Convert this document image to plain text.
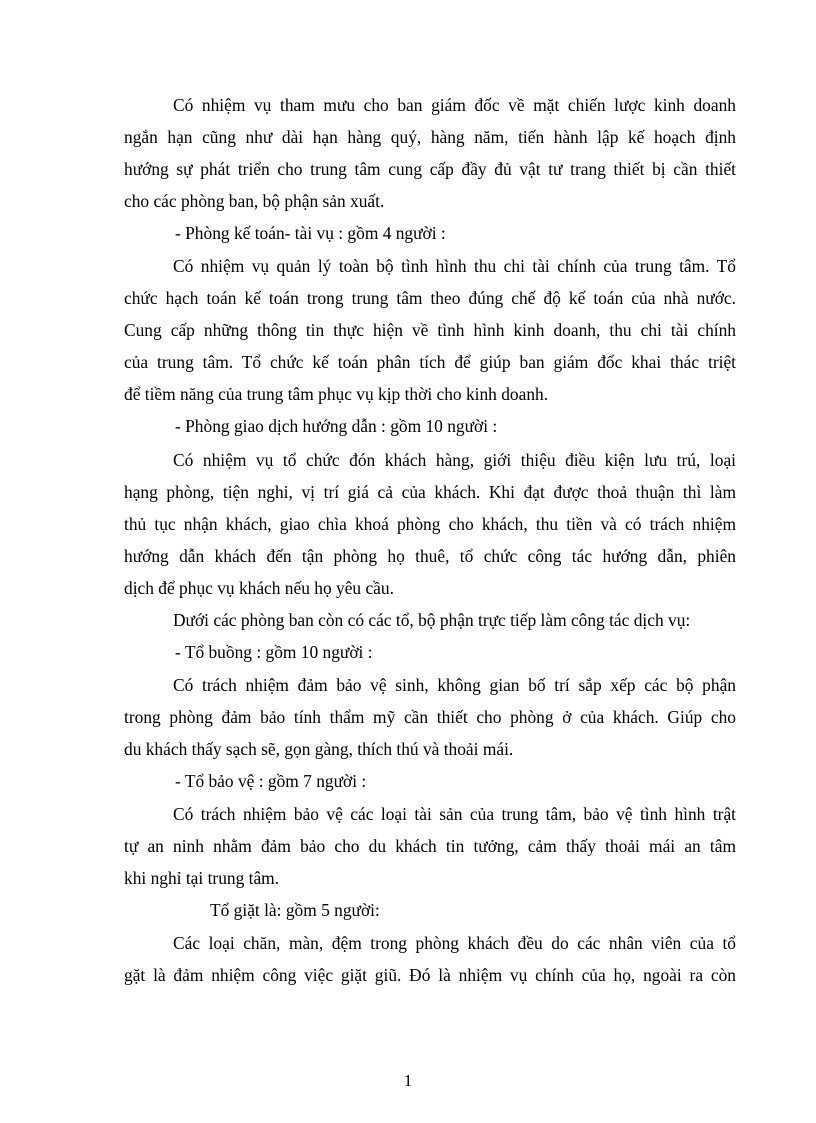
Có nhiệm vụ tham mưu cho ban giám đốc về mặt chiến lược kinh doanh
ngắn hạn cũng như dài hạn hàng quý, hàng năm, tiến hành lập kế hoạch định
hướng sự phát triển cho trung tâm cung cấp đầy đủ vật tư trang thiết bị cần thiết
cho các phòng ban, bộ phận sản xuất.
- Phòng kế toán- tài vụ : gồm 4 người :
Có nhiệm vụ quản lý toàn bộ tình hình thu chi tài chính của trung tâm. Tổ
chức hạch toán kế toán trong trung tâm theo đúng chế độ kế toán của nhà nước.
Cung cấp những thông tin thực hiện về tình hình kinh doanh, thu chi tài chính
của trung tâm. Tổ chức kế toán phân tích để giúp ban giám đốc khai thác triệt
để tiềm năng của trung tâm phục vụ kịp thời cho kinh doanh.
- Phòng giao dịch hướng dẫn : gồm 10 người :
Có nhiệm vụ tổ chức đón khách hàng, giới thiệu điều kiện lưu trú, loại
hạng phòng, tiện nghi, vị trí giá cả của khách. Khi đạt được thoả thuận thì làm
thủ tục nhận khách, giao chìa khoá phòng cho khách, thu tiền và có trách nhiệm
hướng dẫn khách đến tận phòng họ thuê, tổ chức công tác hướng dẫn, phiên
dịch để phục vụ khách nếu họ yêu cầu.
Dưới các phòng ban còn có các tổ, bộ phận trực tiếp làm công tác dịch vụ:
- Tổ buồng : gồm 10 người :
Có trách nhiệm đảm bảo vệ sinh, không gian bố trí sắp xếp các bộ phận
trong phòng đảm bảo tính thẩm mỹ cần thiết cho phòng ở của khách. Giúp cho
du khách thấy sạch sẽ, gọn gàng, thích thú và thoải mái.
- Tổ bảo vệ : gồm 7 người :
Có trách nhiệm bảo vệ các loại tài sản của trung tâm, bảo vệ tình hình trật
tự an ninh nhằm đảm bảo cho du khách tin tưởng, cảm thấy thoải mái an tâm
khi nghỉ tại trung tâm.
Tổ giặt là: gồm 5 người:
Các loại chăn, màn, đệm trong phòng khách đều do các nhân viên của tổ
gặt là đảm nhiệm công việc giặt giũ. Đó là nhiệm vụ chính của họ, ngoài ra còn
1
